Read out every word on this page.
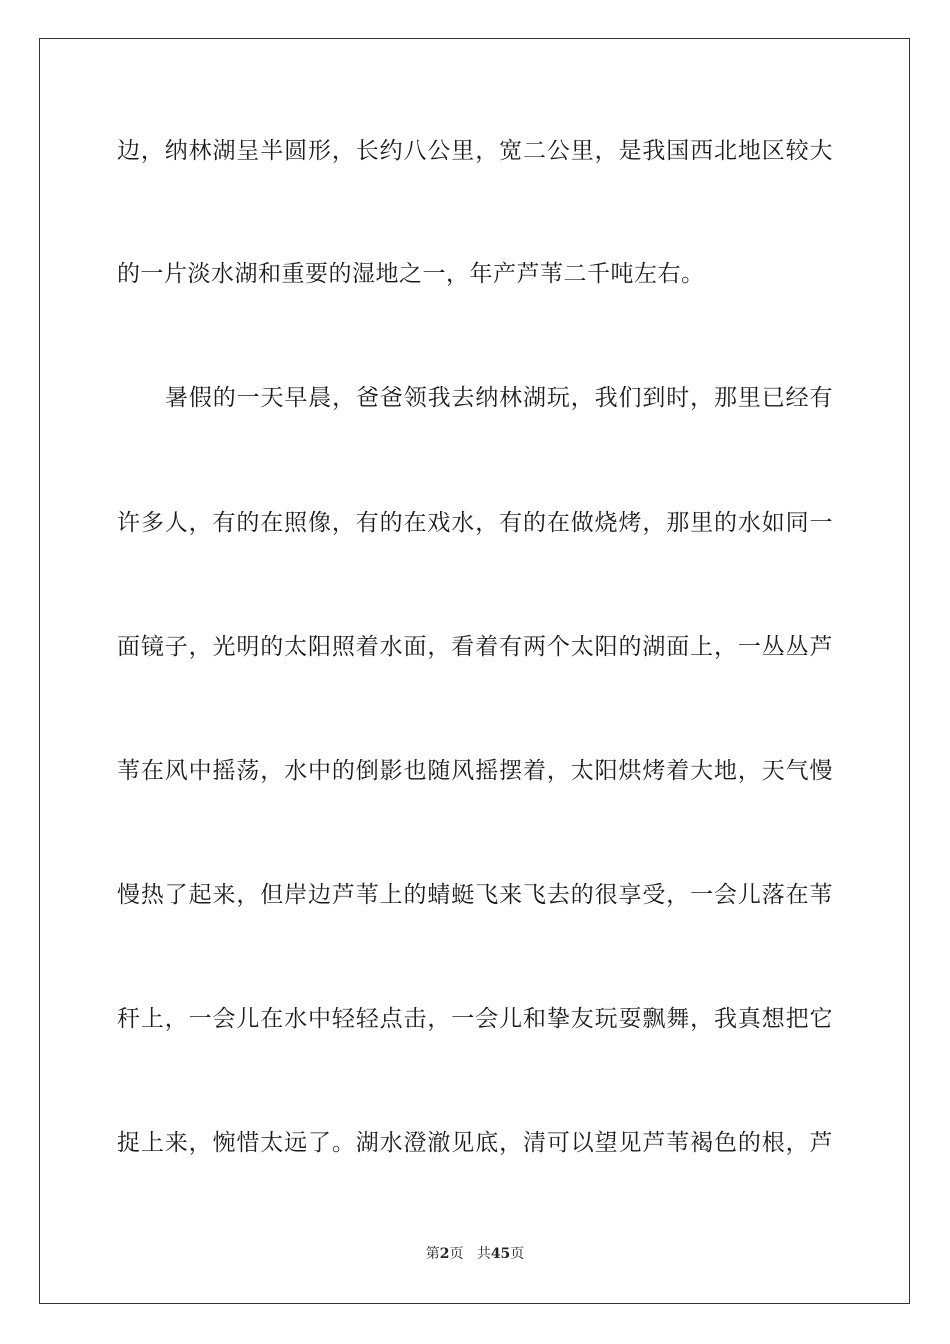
边，纳林湖呈半圆形，长约八公里，宽二公里，是我国西北地区较大
的一片淡水湖和重要的湿地之一，年产芦苇二千吨左右。
暑假的一天早晨，爸爸领我去纳林湖玩，我们到时，那里已经有
许多人，有的在照像，有的在戏水，有的在做烧烤，那里的水如同一
面镜子，光明的太阳照着水面，看着有两个太阳的湖面上，一丛丛芦
苇在风中摇荡，水中的倒影也随风摇摆着，太阳烘烤着大地，天气慢
慢热了起来，但岸边芦苇上的蜻蜓飞来飞去的很享受，一会儿落在苇
秆上，一会儿在水中轻轻点击，一会儿和挚友玩耍飘舞，我真想把它
捉上来，惋惜太远了。湖水澄澈见底，清可以望见芦苇褐色的根，芦
第2页 共45页
